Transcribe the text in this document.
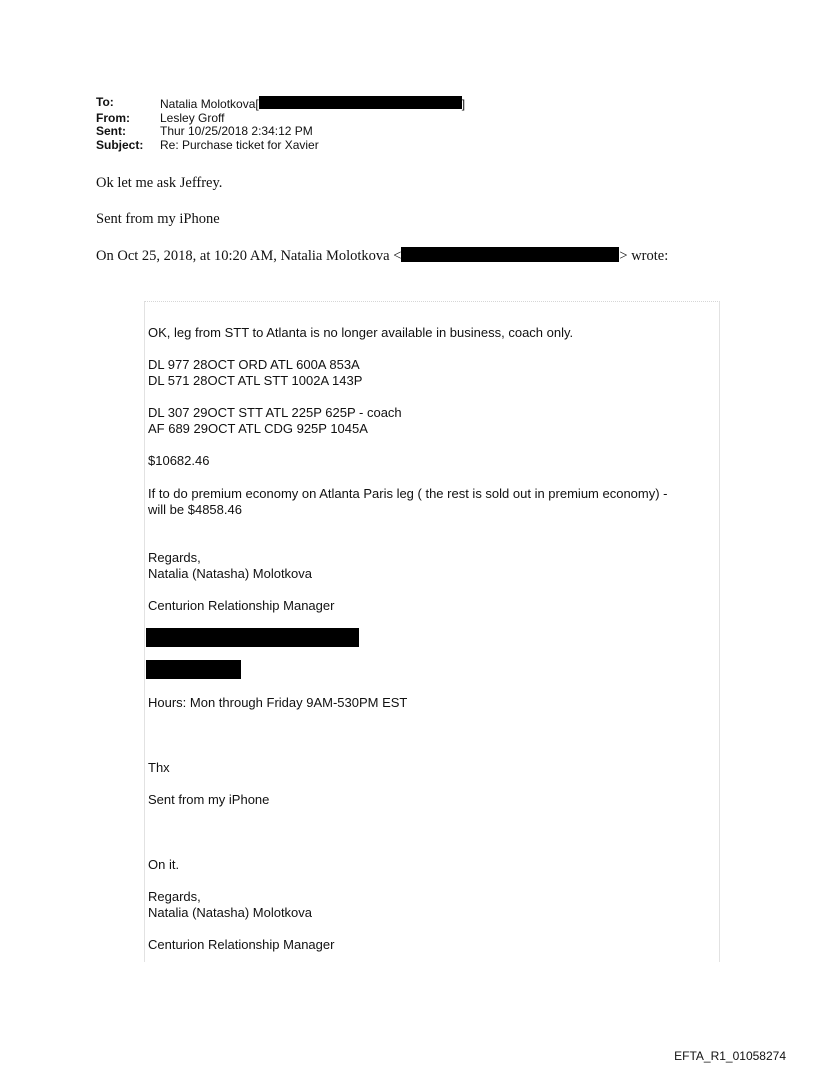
To:	Natalia Molotkova[	]
From:	Lesley Groff
Sent:	Thur 10/25/2018 2:34:12 PM
Subject:	Re: Purchase ticket for Xavier
Ok let me ask Jeffrey.
Sent from my iPhone
On Oct 25, 2018, at 10:20 AM, Natalia Molotkova <	> wrote:
OK, leg from STT to Atlanta is no longer available in business, coach only.
DL 977 28OCT ORD ATL 600A 853A
DL 571 28OCT ATL STT 1002A 143P
DL 307 29OCT STT ATL 225P 625P - coach
AF 689 29OCT ATL CDG 925P 1045A
$10682.46
If to do premium economy on Atlanta Paris leg ( the rest is sold out in premium economy) -
will be $4858.46
Regards,
Natalia (Natasha) Molotkova
Centurion Relationship Manager
Hours: Mon through Friday 9AM-530PM EST
Thx
Sent from my iPhone
On it.
Regards,
Natalia (Natasha) Molotkova
Centurion Relationship Manager
EFTA_R1_01058274
